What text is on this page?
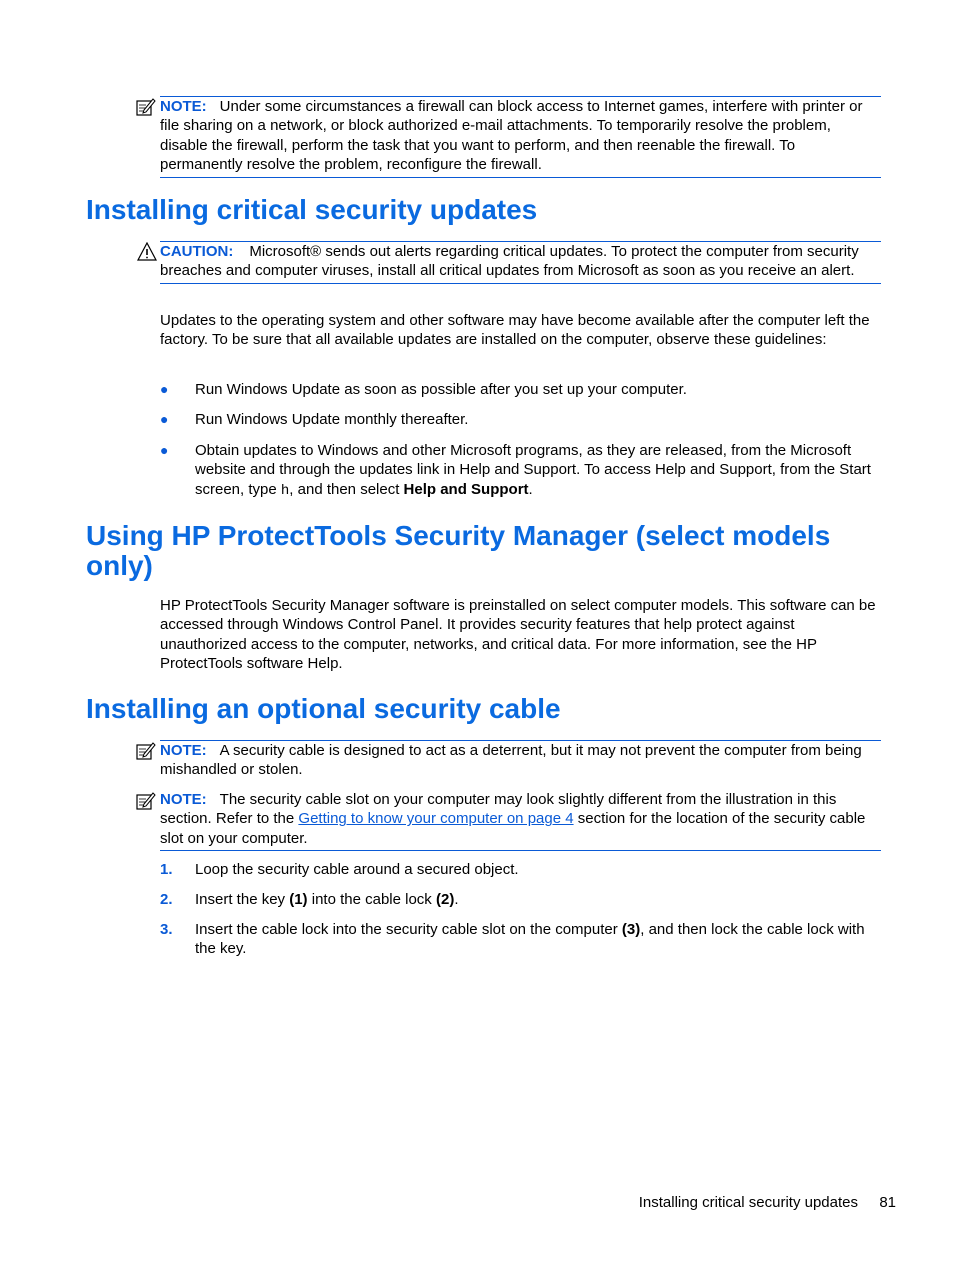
NOTE: Under some circumstances a firewall can block access to Internet games, interfere with printer or file sharing on a network, or block authorized e-mail attachments. To temporarily resolve the problem, disable the firewall, perform the task that you want to perform, and then reenable the firewall. To permanently resolve the problem, reconfigure the firewall.
Installing critical security updates
CAUTION: Microsoft® sends out alerts regarding critical updates. To protect the computer from security breaches and computer viruses, install all critical updates from Microsoft as soon as you receive an alert.
Updates to the operating system and other software may have become available after the computer left the factory. To be sure that all available updates are installed on the computer, observe these guidelines:
● Run Windows Update as soon as possible after you set up your computer.
● Run Windows Update monthly thereafter.
● Obtain updates to Windows and other Microsoft programs, as they are released, from the Microsoft website and through the updates link in Help and Support. To access Help and Support, from the Start screen, type h, and then select Help and Support.
Using HP ProtectTools Security Manager (select models only)
HP ProtectTools Security Manager software is preinstalled on select computer models. This software can be accessed through Windows Control Panel. It provides security features that help protect against unauthorized access to the computer, networks, and critical data. For more information, see the HP ProtectTools software Help.
Installing an optional security cable
NOTE: A security cable is designed to act as a deterrent, but it may not prevent the computer from being mishandled or stolen.
NOTE: The security cable slot on your computer may look slightly different from the illustration in this section. Refer to the Getting to know your computer on page 4 section for the location of the security cable slot on your computer.
1. Loop the security cable around a secured object.
2. Insert the key (1) into the cable lock (2).
3. Insert the cable lock into the security cable slot on the computer (3), and then lock the cable lock with the key.
Installing critical security updates	81
